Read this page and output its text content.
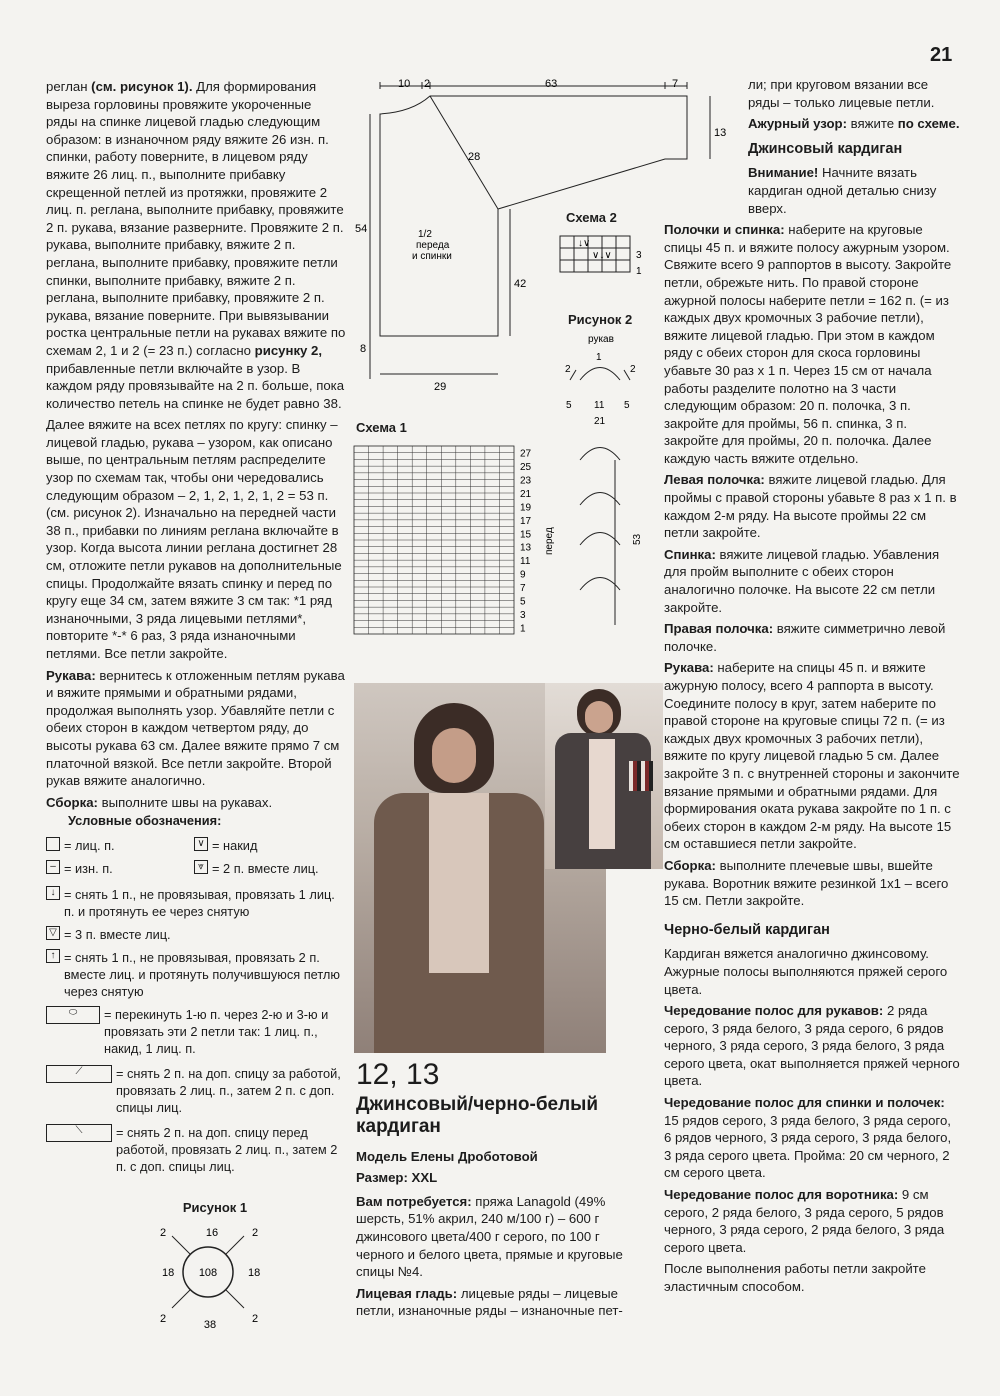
21

реглан (см. рисунок 1). Для формирования выреза горловины провяжите укороченные ряды на спинке лицевой гладью следующим образом: в изнаночном ряду вяжите 26 изн. п. спинки, работу поверните, в лицевом ряду вяжите 26 лиц. п., выполните прибавку скрещенной петлей из протяжки, провяжите 2 лиц. п. реглана, выполните прибавку, провяжите 2 п. рукава, вязание разверните. Провяжите 2 п. рукава, выполните прибавку, вяжите 2 п. реглана, выполните прибавку, провяжите петли спинки, выполните прибавку, вяжите 2 п. реглана, выполните прибавку, провяжите 2 п. рукава, вязание поверните. При вывязывании ростка центральные петли на рукавах вяжите по схемам 2, 1 и 2 (= 23 п.) согласно рисунку 2, прибавленные петли включайте в узор. В каждом ряду провязывайте на 2 п. больше, пока количество петель на спинке не будет равно 38.

Далее вяжите на всех петлях по кругу: спинку – лицевой гладью, рукава – узором, как описано выше, по центральным петлям распределите узор по схемам так, чтобы они чередовались следующим образом – 2, 1, 2, 1, 2, 1, 2 = 53 п. (см. рисунок 2). Изначально на передней части 38 п., прибавки по линиям реглана включайте в узор. Когда высота линии реглана достигнет 28 см, отложите петли рукавов на дополнительные спицы. Продолжайте вязать спинку и перед по кругу еще 34 см, затем вяжите 3 см так: *1 ряд изнаночными, 3 ряда лицевыми петлями*, повторите *-* 6 раз, 3 ряда изнаночными петлями. Все петли закройте.

Рукава: вернитесь к отложенным петлям рукава и вяжите прямыми и обратными рядами, продолжая выполнять узор. Убавляйте петли с обеих сторон в каждом четвертом ряду, до высоты рукава 63 см. Далее вяжите прямо 7 см платочной вязкой. Все петли закройте. Второй рукав вяжите аналогично.

Сборка: выполните швы на рукавах.

Условные обозначения:
= лиц. п.	∨ = накид
– = изн. п.	⩔ = 2 п. вместе лиц.
↓ = снять 1 п., не провязывая, провязать 1 лиц. п. и протянуть ее через снятую
▽ = 3 п. вместе лиц.
↑ = снять 1 п., не провязывая, провязать 2 п. вместе лиц. и протянуть получившуюся петлю через снятую
⬭	= перекинуть 1-ю п. через 2-ю и 3-ю и провязать эти 2 петли так: 1 лиц. п., накид, 1 лиц. п.
⟋	= снять 2 п. на доп. спицу за работой, провязать 2 лиц. п., затем 2 п. с доп. спицы лиц.
⟍	= снять 2 п. на доп. спицу перед работой, провязать 2 лиц. п., затем 2 п. с доп. спицы лиц.
Рисунок 1
108
16
38
18	18
2	2
2	2
10 2	63	7
13
28
54	1/2
переда
и спинки
42
8
29
Схема 2
↓∨
∨↓∨ 3
1
Рисунок 2
рукав
1
2	2
5 11 5
21
перед	53
Схема 1
27
25
23
21
19
17
15
13
11
9
7
5
3
1
12, 13
Джинсовый/черно-белый кардиган

Модель Елены Дроботовой

Размер: XXL

Вам потребуется: пряжа Lanagold (49% шерсть, 51% акрил, 240 м/100 г) – 600 г джинсового цвета/400 г серого, по 100 г черного и белого цвета, прямые и круговые спицы №4.

Лицевая гладь: лицевые ряды – лицевые петли, изнаночные ряды – изнаночные пет-

ли; при круговом вязании все ряды – только лицевые петли.

Ажурный узор: вяжите по схеме.

Джинсовый кардиган

Внимание! Начните вязать кардиган одной деталью снизу вверх.

Полочки и спинка: наберите на круговые спицы 45 п. и вяжите полосу ажурным узором. Свяжите всего 9 раппортов в высоту. Закройте петли, обрежьте нить. По правой стороне ажурной полосы наберите петли = 162 п. (= из каждых двух кромочных 3 рабочие петли), вяжите лицевой гладью. При этом в каждом ряду с обеих сторон для скоса горловины убавьте 30 раз х 1 п. Через 15 см от начала работы разделите полотно на 3 части следующим образом: 20 п. полочка, 3 п. закройте для проймы, 56 п. спинка, 3 п. закройте для проймы, 20 п. полочка. Далее каждую часть вяжите отдельно.

Левая полочка: вяжите лицевой гладью. Для проймы с правой стороны убавьте 8 раз х 1 п. в каждом 2-м ряду. На высоте проймы 22 см петли закройте.

Спинка: вяжите лицевой гладью. Убавления для пройм выполните с обеих сторон аналогично полочке. На высоте 22 см петли закройте.

Правая полочка: вяжите симметрично левой полочке.

Рукава: наберите на спицы 45 п. и вяжите ажурную полосу, всего 4 раппорта в высоту. Соедините полосу в круг, затем наберите по правой стороне на круговые спицы 72 п. (= из каждых двух кромочных 3 рабочих петли), вяжите по кругу лицевой гладью 5 см. Далее закройте 3 п. с внутренней стороны и закончите вязание прямыми и обратными рядами. Для формирования оката рукава закройте по 1 п. с обеих сторон в каждом 2-м ряду. На высоте 15 см оставшиеся петли закройте.

Сборка: выполните плечевые швы, вшейте рукава. Воротник вяжите резинкой 1х1 – всего 15 см. Петли закройте.

Черно-белый кардиган

Кардиган вяжется аналогично джинсовому. Ажурные полосы выполняются пряжей серого цвета.

Чередование полос для рукавов: 2 ряда серого, 3 ряда белого, 3 ряда серого, 6 рядов черного, 3 ряда серого, 3 ряда белого, 3 ряда серого цвета, окат выполняется пряжей черного цвета.

Чередование полос для спинки и полочек: 15 рядов серого, 3 ряда белого, 3 ряда серого, 6 рядов черного, 3 ряда серого, 3 ряда белого, 3 ряда серого цвета. Пройма: 20 см черного, 2 см серого цвета.

Чередование полос для воротника: 9 см серого, 2 ряда белого, 3 ряда серого, 5 рядов черного, 3 ряда серого, 2 ряда белого, 3 ряда серого цвета.

После выполнения работы петли закройте эластичным способом.
